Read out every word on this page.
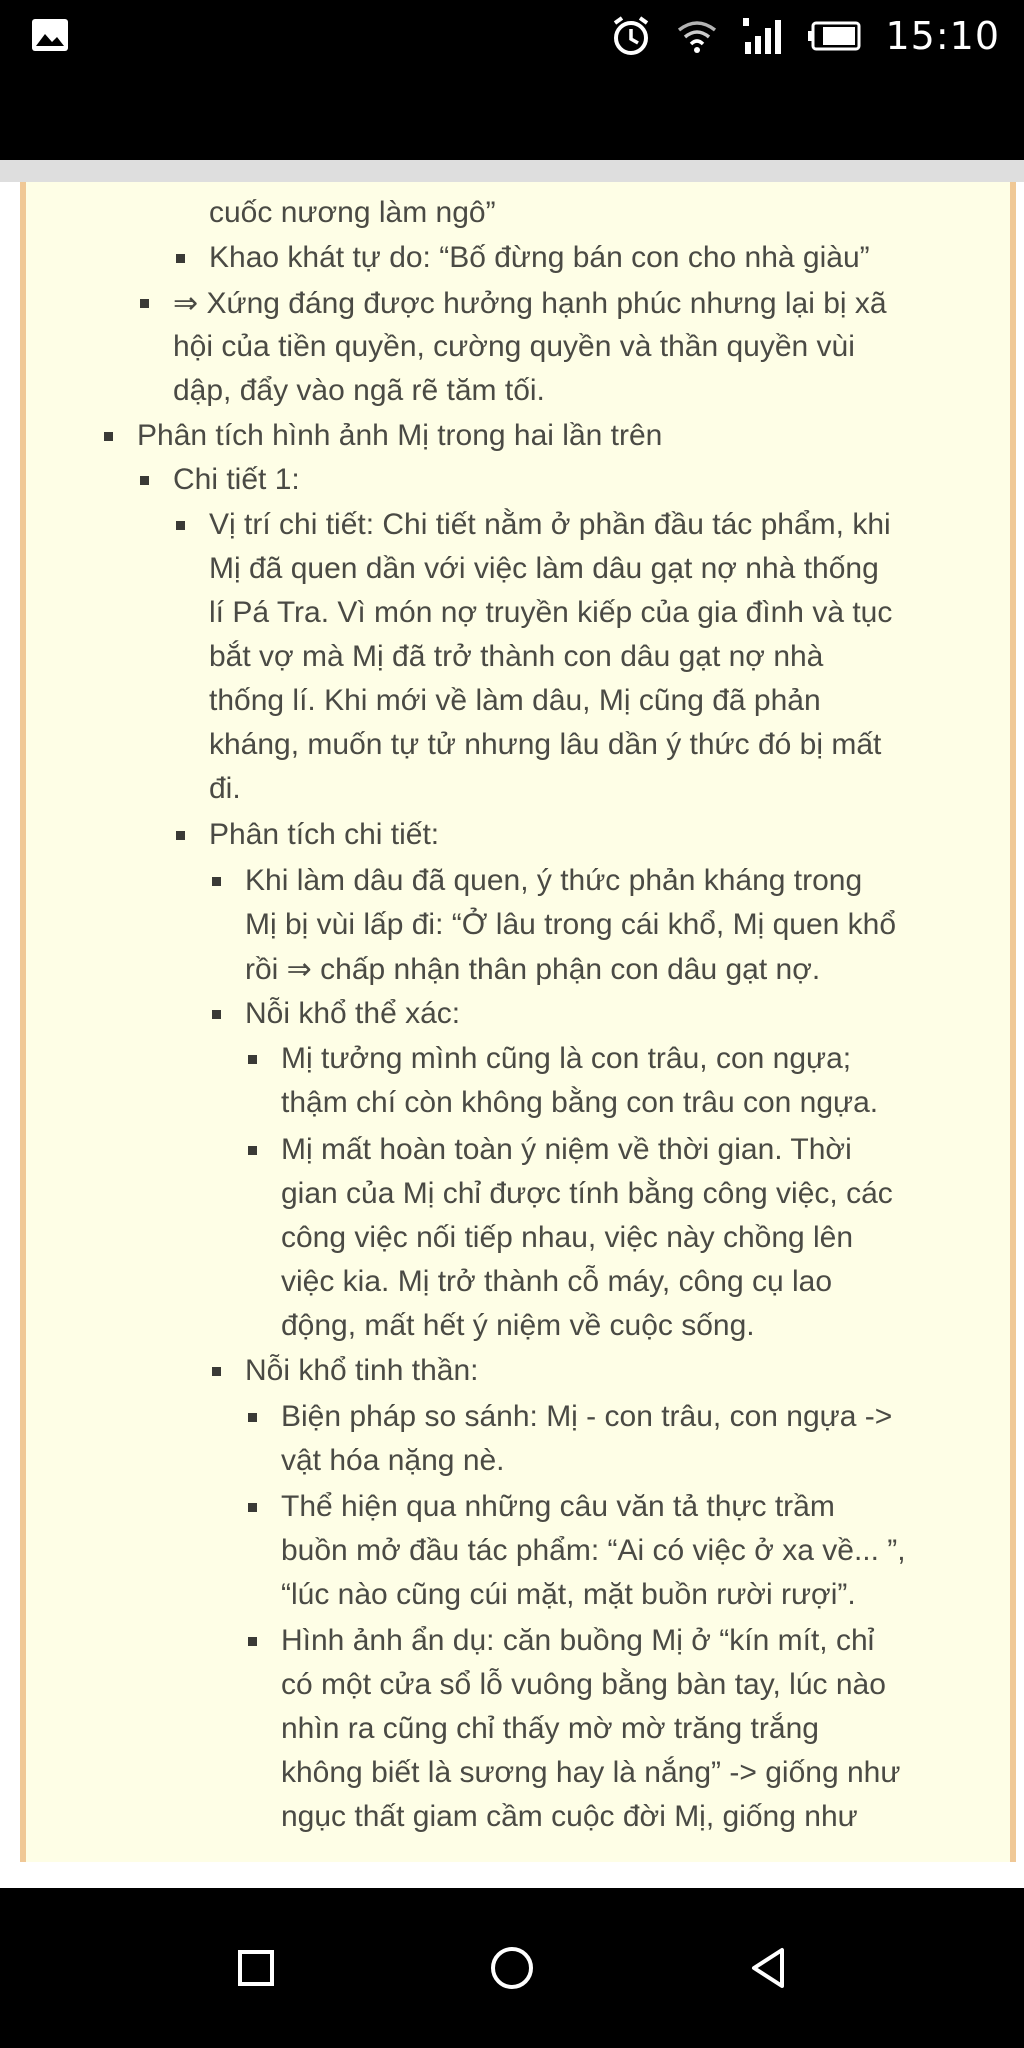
15:10
cuốc nương làm ngô”
Khao khát tự do: “Bố đừng bán con cho nhà giàu”
⇒ Xứng đáng được hưởng hạnh phúc nhưng lại bị xã
hội của tiền quyền, cường quyền và thần quyền vùi
dập, đẩy vào ngã rẽ tăm tối.
Phân tích hình ảnh Mị trong hai lần trên
Chi tiết 1:
Vị trí chi tiết: Chi tiết nằm ở phần đầu tác phẩm, khi
Mị đã quen dần với việc làm dâu gạt nợ nhà thống
lí Pá Tra. Vì món nợ truyền kiếp của gia đình và tục
bắt vợ mà Mị đã trở thành con dâu gạt nợ nhà
thống lí. Khi mới về làm dâu, Mị cũng đã phản
kháng, muốn tự tử nhưng lâu dần ý thức đó bị mất
đi.
Phân tích chi tiết:
Khi làm dâu đã quen, ý thức phản kháng trong
Mị bị vùi lấp đi: “Ở lâu trong cái khổ, Mị quen khổ
rồi ⇒ chấp nhận thân phận con dâu gạt nợ.
Nỗi khổ thể xác:
Mị tưởng mình cũng là con trâu, con ngựa;
thậm chí còn không bằng con trâu con ngựa.
Mị mất hoàn toàn ý niệm về thời gian. Thời
gian của Mị chỉ được tính bằng công việc, các
công việc nối tiếp nhau, việc này chồng lên
việc kia. Mị trở thành cỗ máy, công cụ lao
động, mất hết ý niệm về cuộc sống.
Nỗi khổ tinh thần:
Biện pháp so sánh: Mị - con trâu, con ngựa ->
vật hóa nặng nè.
Thể hiện qua những câu văn tả thực trầm
buồn mở đầu tác phẩm: “Ai có việc ở xa về... ”,
“lúc nào cũng cúi mặt, mặt buồn rười rượi”.
Hình ảnh ẩn dụ: căn buồng Mị ở “kín mít, chỉ
có một cửa sổ lỗ vuông bằng bàn tay, lúc nào
nhìn ra cũng chỉ thấy mờ mờ trăng trắng
không biết là sương hay là nắng” -> giống như
ngục thất giam cầm cuộc đời Mị, giống như
